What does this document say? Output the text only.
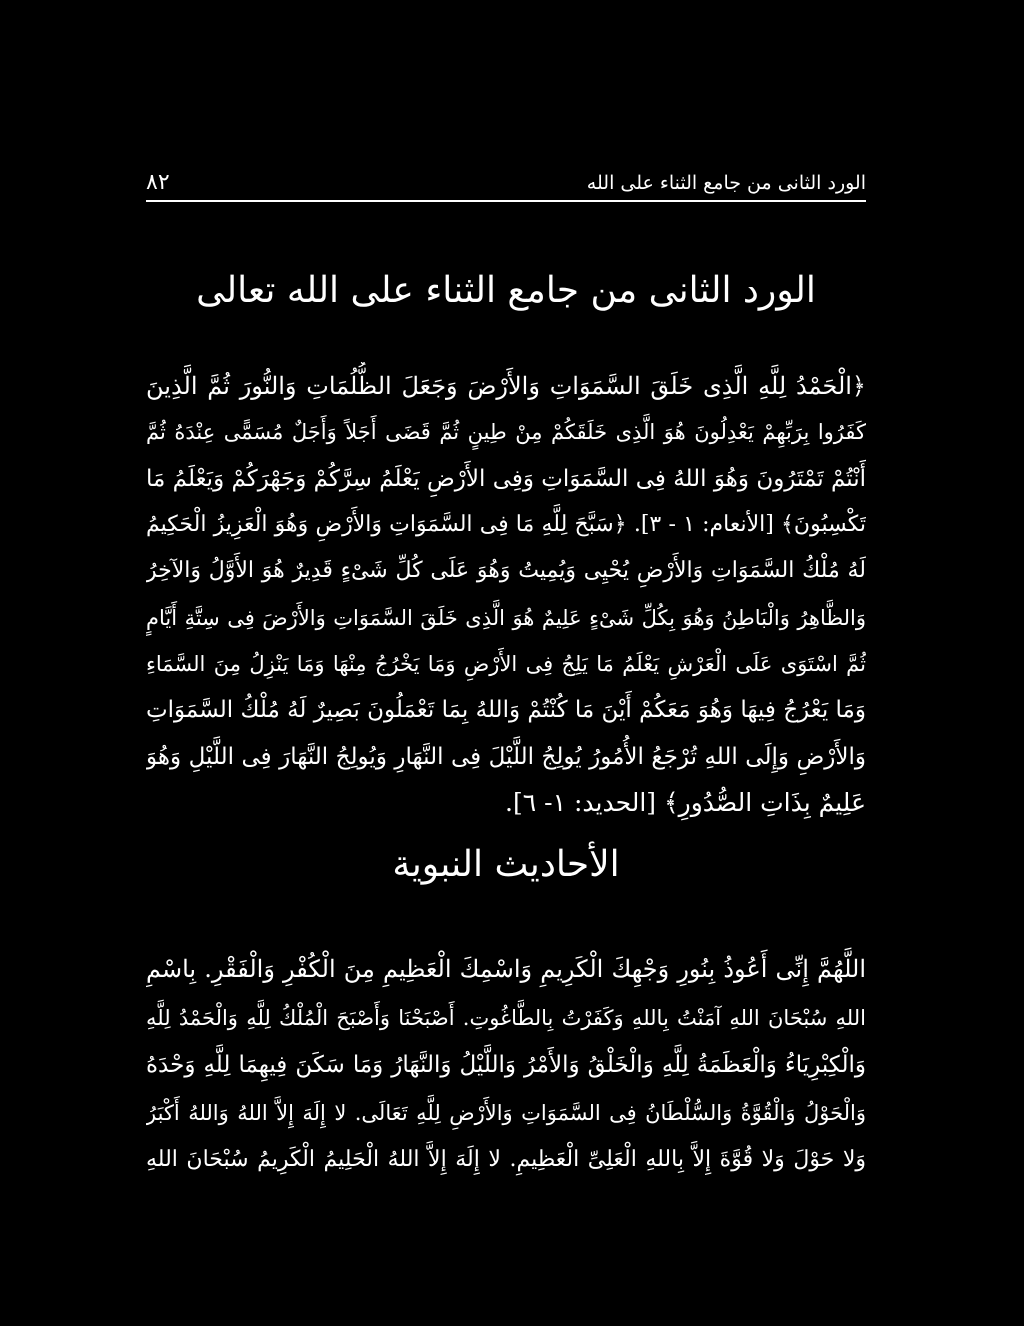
٨٢	الورد الثانى من جامع الثناء على الله
الورد الثانى من جامع الثناء على الله تعالى
﴿الْحَمْدُ لِلَّهِ الَّذِى خَلَقَ السَّمَوَاتِ وَالأَرْضَ وَجَعَلَ الظُّلُمَاتِ وَالنُّورَ ثُمَّ الَّذِينَ
كَفَرُوا بِرَبِّهِمْ يَعْدِلُونَ هُوَ الَّذِى خَلَقَكُمْ مِنْ طِينٍ ثُمَّ قَضَى أَجَلاً وَأَجَلٌ مُسَمًّى عِنْدَهُ ثُمَّ
أَنْتُمْ تَمْتَرُونَ وَهُوَ اللهُ فِى السَّمَوَاتِ وَفِى الأَرْضِ يَعْلَمُ سِرَّكُمْ وَجَهْرَكُمْ وَيَعْلَمُ مَا
تَكْسِبُونَ﴾ [الأنعام: ١ - ٣]. ﴿سَبَّحَ لِلَّهِ مَا فِى السَّمَوَاتِ وَالأَرْضِ وَهُوَ الْعَزِيزُ الْحَكِيمُ
لَهُ مُلْكُ السَّمَوَاتِ وَالأَرْضِ يُحْيِى وَيُمِيتُ وَهُوَ عَلَى كُلِّ شَىْءٍ قَدِيرٌ هُوَ الأَوَّلُ وَالآخِرُ
وَالظَّاهِرُ وَالْبَاطِنُ وَهُوَ بِكُلِّ شَىْءٍ عَلِيمٌ هُوَ الَّذِى خَلَقَ السَّمَوَاتِ وَالأَرْضَ فِى سِتَّةِ أَيَّامٍ
ثُمَّ اسْتَوَى عَلَى الْعَرْشِ يَعْلَمُ مَا يَلِجُ فِى الأَرْضِ وَمَا يَخْرُجُ مِنْهَا وَمَا يَنْزِلُ مِنَ السَّمَاءِ
وَمَا يَعْرُجُ فِيهَا وَهُوَ مَعَكُمْ أَيْنَ مَا كُنْتُمْ وَاللهُ بِمَا تَعْمَلُونَ بَصِيرٌ لَهُ مُلْكُ السَّمَوَاتِ
وَالأَرْضِ وَإِلَى اللهِ تُرْجَعُ الأُمُورُ يُولِجُ اللَّيْلَ فِى النَّهَارِ وَيُولِجُ النَّهَارَ فِى اللَّيْلِ وَهُوَ
عَلِيمٌ بِذَاتِ الصُّدُورِ﴾ [الحديد: ١- ٦].
الأحاديث النبوية
اللَّهُمَّ إِنِّى أَعُوذُ بِنُورِ وَجْهِكَ الْكَرِيمِ وَاسْمِكَ الْعَظِيمِ مِنَ الْكُفْرِ وَالْفَقْرِ. بِاسْمِ
اللهِ سُبْحَانَ اللهِ آمَنْتُ بِاللهِ وَكَفَرْتُ بِالطَّاغُوتِ. أَصْبَحْنَا وَأَصْبَحَ الْمُلْكُ لِلَّهِ وَالْحَمْدُ لِلَّهِ
وَالْكِبْرِيَاءُ وَالْعَظَمَةُ لِلَّهِ وَالْخَلْقُ وَالأَمْرُ وَاللَّيْلُ وَالنَّهَارُ وَمَا سَكَنَ فِيهِمَا لِلَّهِ وَحْدَهُ
وَالْحَوْلُ وَالْقُوَّةُ وَالسُّلْطَانُ فِى السَّمَوَاتِ وَالأَرْضِ لِلَّهِ تَعَالَى. لا إِلَهَ إِلاَّ اللهُ وَاللهُ أَكْبَرُ
وَلا حَوْلَ وَلا قُوَّةَ إِلاَّ بِاللهِ الْعَلِىِّ الْعَظِيمِ. لا إِلَهَ إِلاَّ اللهُ الْحَلِيمُ الْكَرِيمُ سُبْحَانَ اللهِ
